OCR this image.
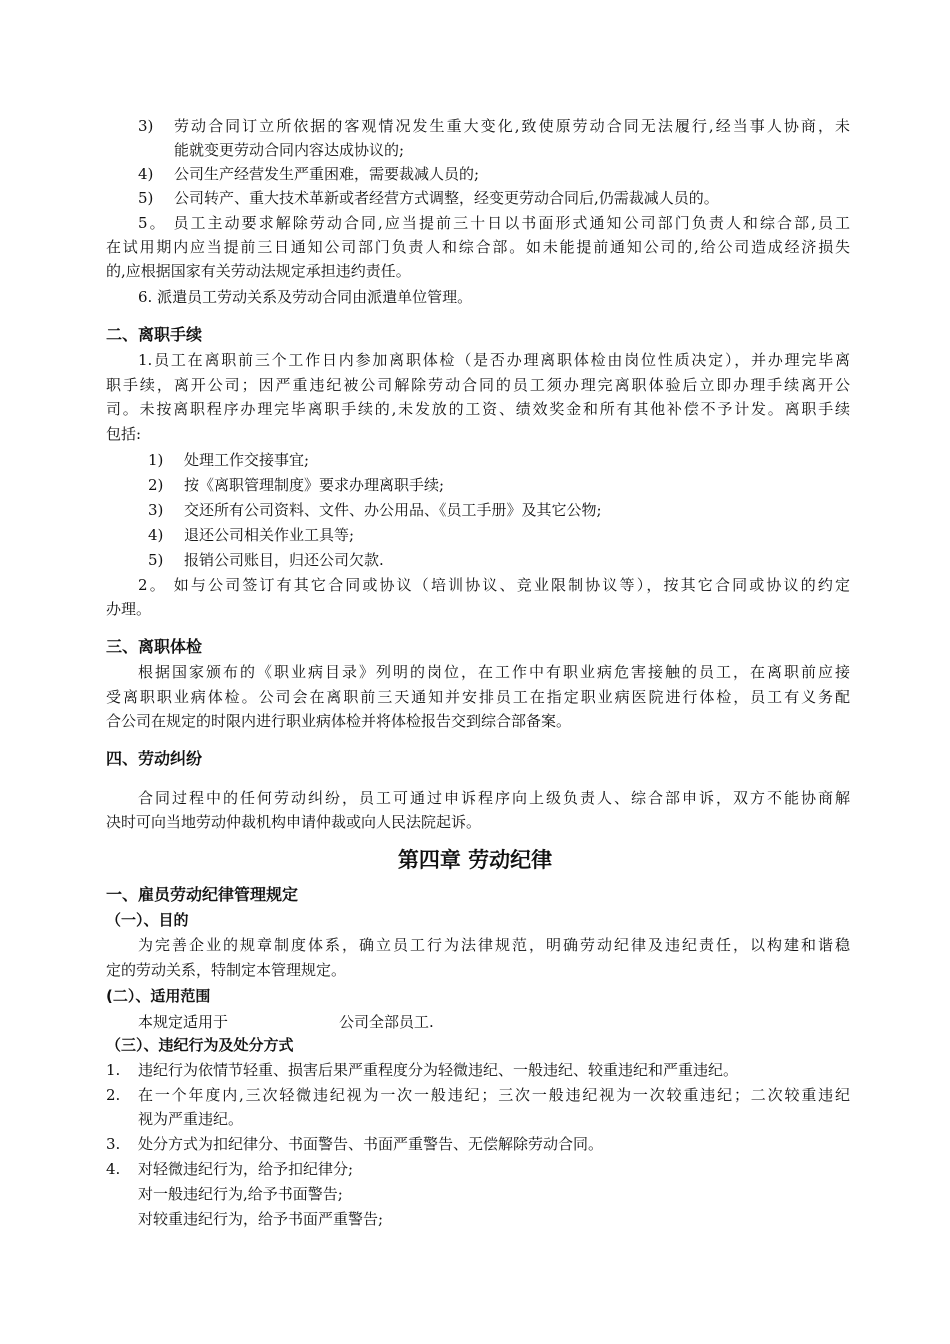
3) 劳动合同订立所依据的客观情况发生重大变化,致使原劳动合同无法履行,经当事人协商，未
能就变更劳动合同内容达成协议的;
4) 公司生产经营发生严重困难，需要裁减人员的;
5) 公司转产、重大技术革新或者经营方式调整，经变更劳动合同后,仍需裁减人员的。
5。 员工主动要求解除劳动合同,应当提前三十日以书面形式通知公司部门负责人和综合部,员工
在试用期内应当提前三日通知公司部门负责人和综合部。如未能提前通知公司的,给公司造成经济损失
的,应根据国家有关劳动法规定承担违约责任。
6. 派遣员工劳动关系及劳动合同由派遣单位管理。
二、离职手续
1.员工在离职前三个工作日内参加离职体检（是否办理离职体检由岗位性质决定），并办理完毕离
职手续，离开公司；因严重违纪被公司解除劳动合同的员工须办理完离职体验后立即办理手续离开公
司。未按离职程序办理完毕离职手续的,未发放的工资、绩效奖金和所有其他补偿不予计发。离职手续
包括:
1) 处理工作交接事宜;
2) 按《离职管理制度》要求办理离职手续;
3) 交还所有公司资料、文件、办公用品、《员工手册》及其它公物;
4) 退还公司相关作业工具等;
5) 报销公司账目，归还公司欠款.
2。 如与公司签订有其它合同或协议（培训协议、竞业限制协议等），按其它合同或协议的约定
办理。
三、离职体检
根据国家颁布的《职业病目录》列明的岗位，在工作中有职业病危害接触的员工，在离职前应接
受离职职业病体检。公司会在离职前三天通知并安排员工在指定职业病医院进行体检，员工有义务配
合公司在规定的时限内进行职业病体检并将体检报告交到综合部备案。
四、劳动纠纷
合同过程中的任何劳动纠纷，员工可通过申诉程序向上级负责人、综合部申诉，双方不能协商解
决时可向当地劳动仲裁机构申请仲裁或向人民法院起诉。
第四章 劳动纪律
一、雇员劳动纪律管理规定
（一）、目的
为完善企业的规章制度体系，确立员工行为法律规范，明确劳动纪律及违纪责任，以构建和谐稳
定的劳动关系，特制定本管理规定。
(二）、适用范围
本规定适用于	公司全部员工.
（三）、违纪行为及处分方式
1. 违纪行为依情节轻重、损害后果严重程度分为轻微违纪、一般违纪、较重违纪和严重违纪。
2. 在一个年度内,三次轻微违纪视为一次一般违纪；三次一般违纪视为一次较重违纪；二次较重违纪
视为严重违纪。
3. 处分方式为扣纪律分、书面警告、书面严重警告、无偿解除劳动合同。
4. 对轻微违纪行为，给予扣纪律分;
对一般违纪行为,给予书面警告;
对较重违纪行为，给予书面严重警告;
